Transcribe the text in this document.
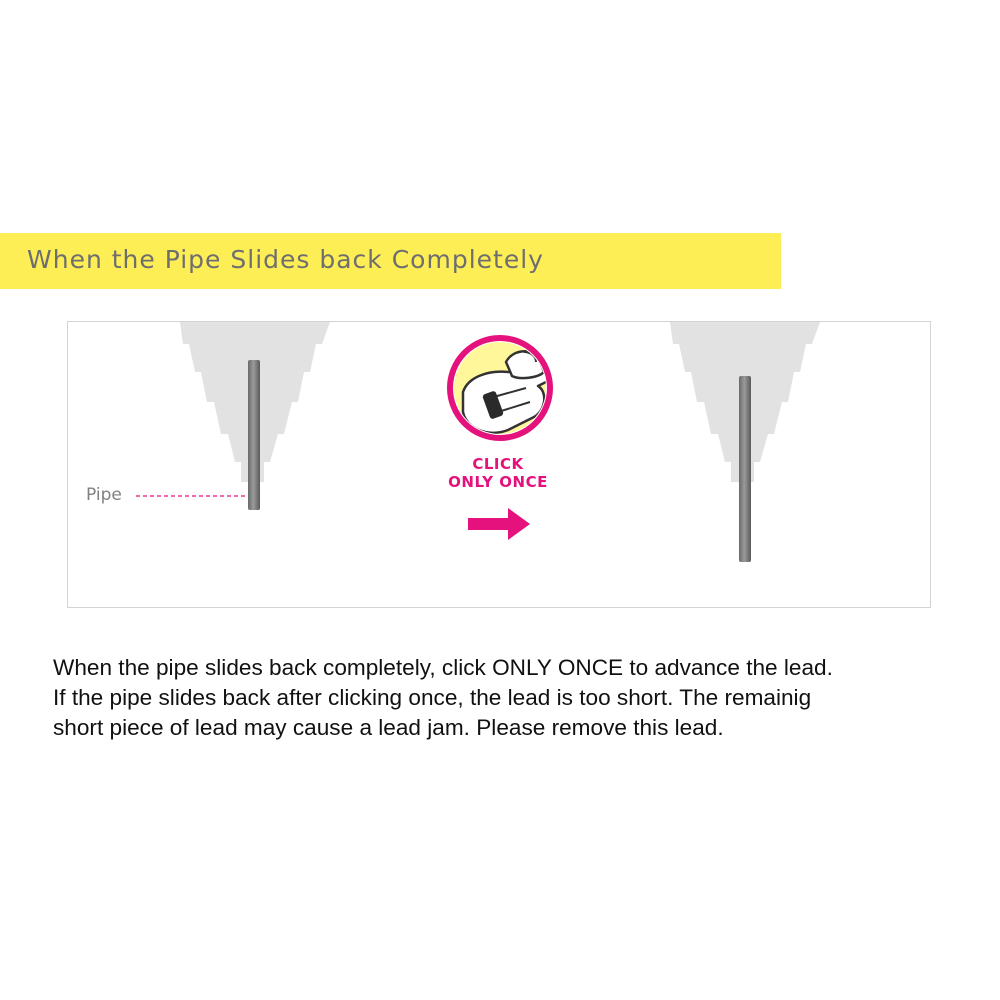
When the Pipe Slides back Completely
Pipe
CLICK
ONLY ONCE

When the pipe slides back completely, click ONLY ONCE to advance the lead.

If the pipe slides back after clicking once, the lead is too short. The remainig

short piece of lead may cause a lead jam. Please remove this lead.
